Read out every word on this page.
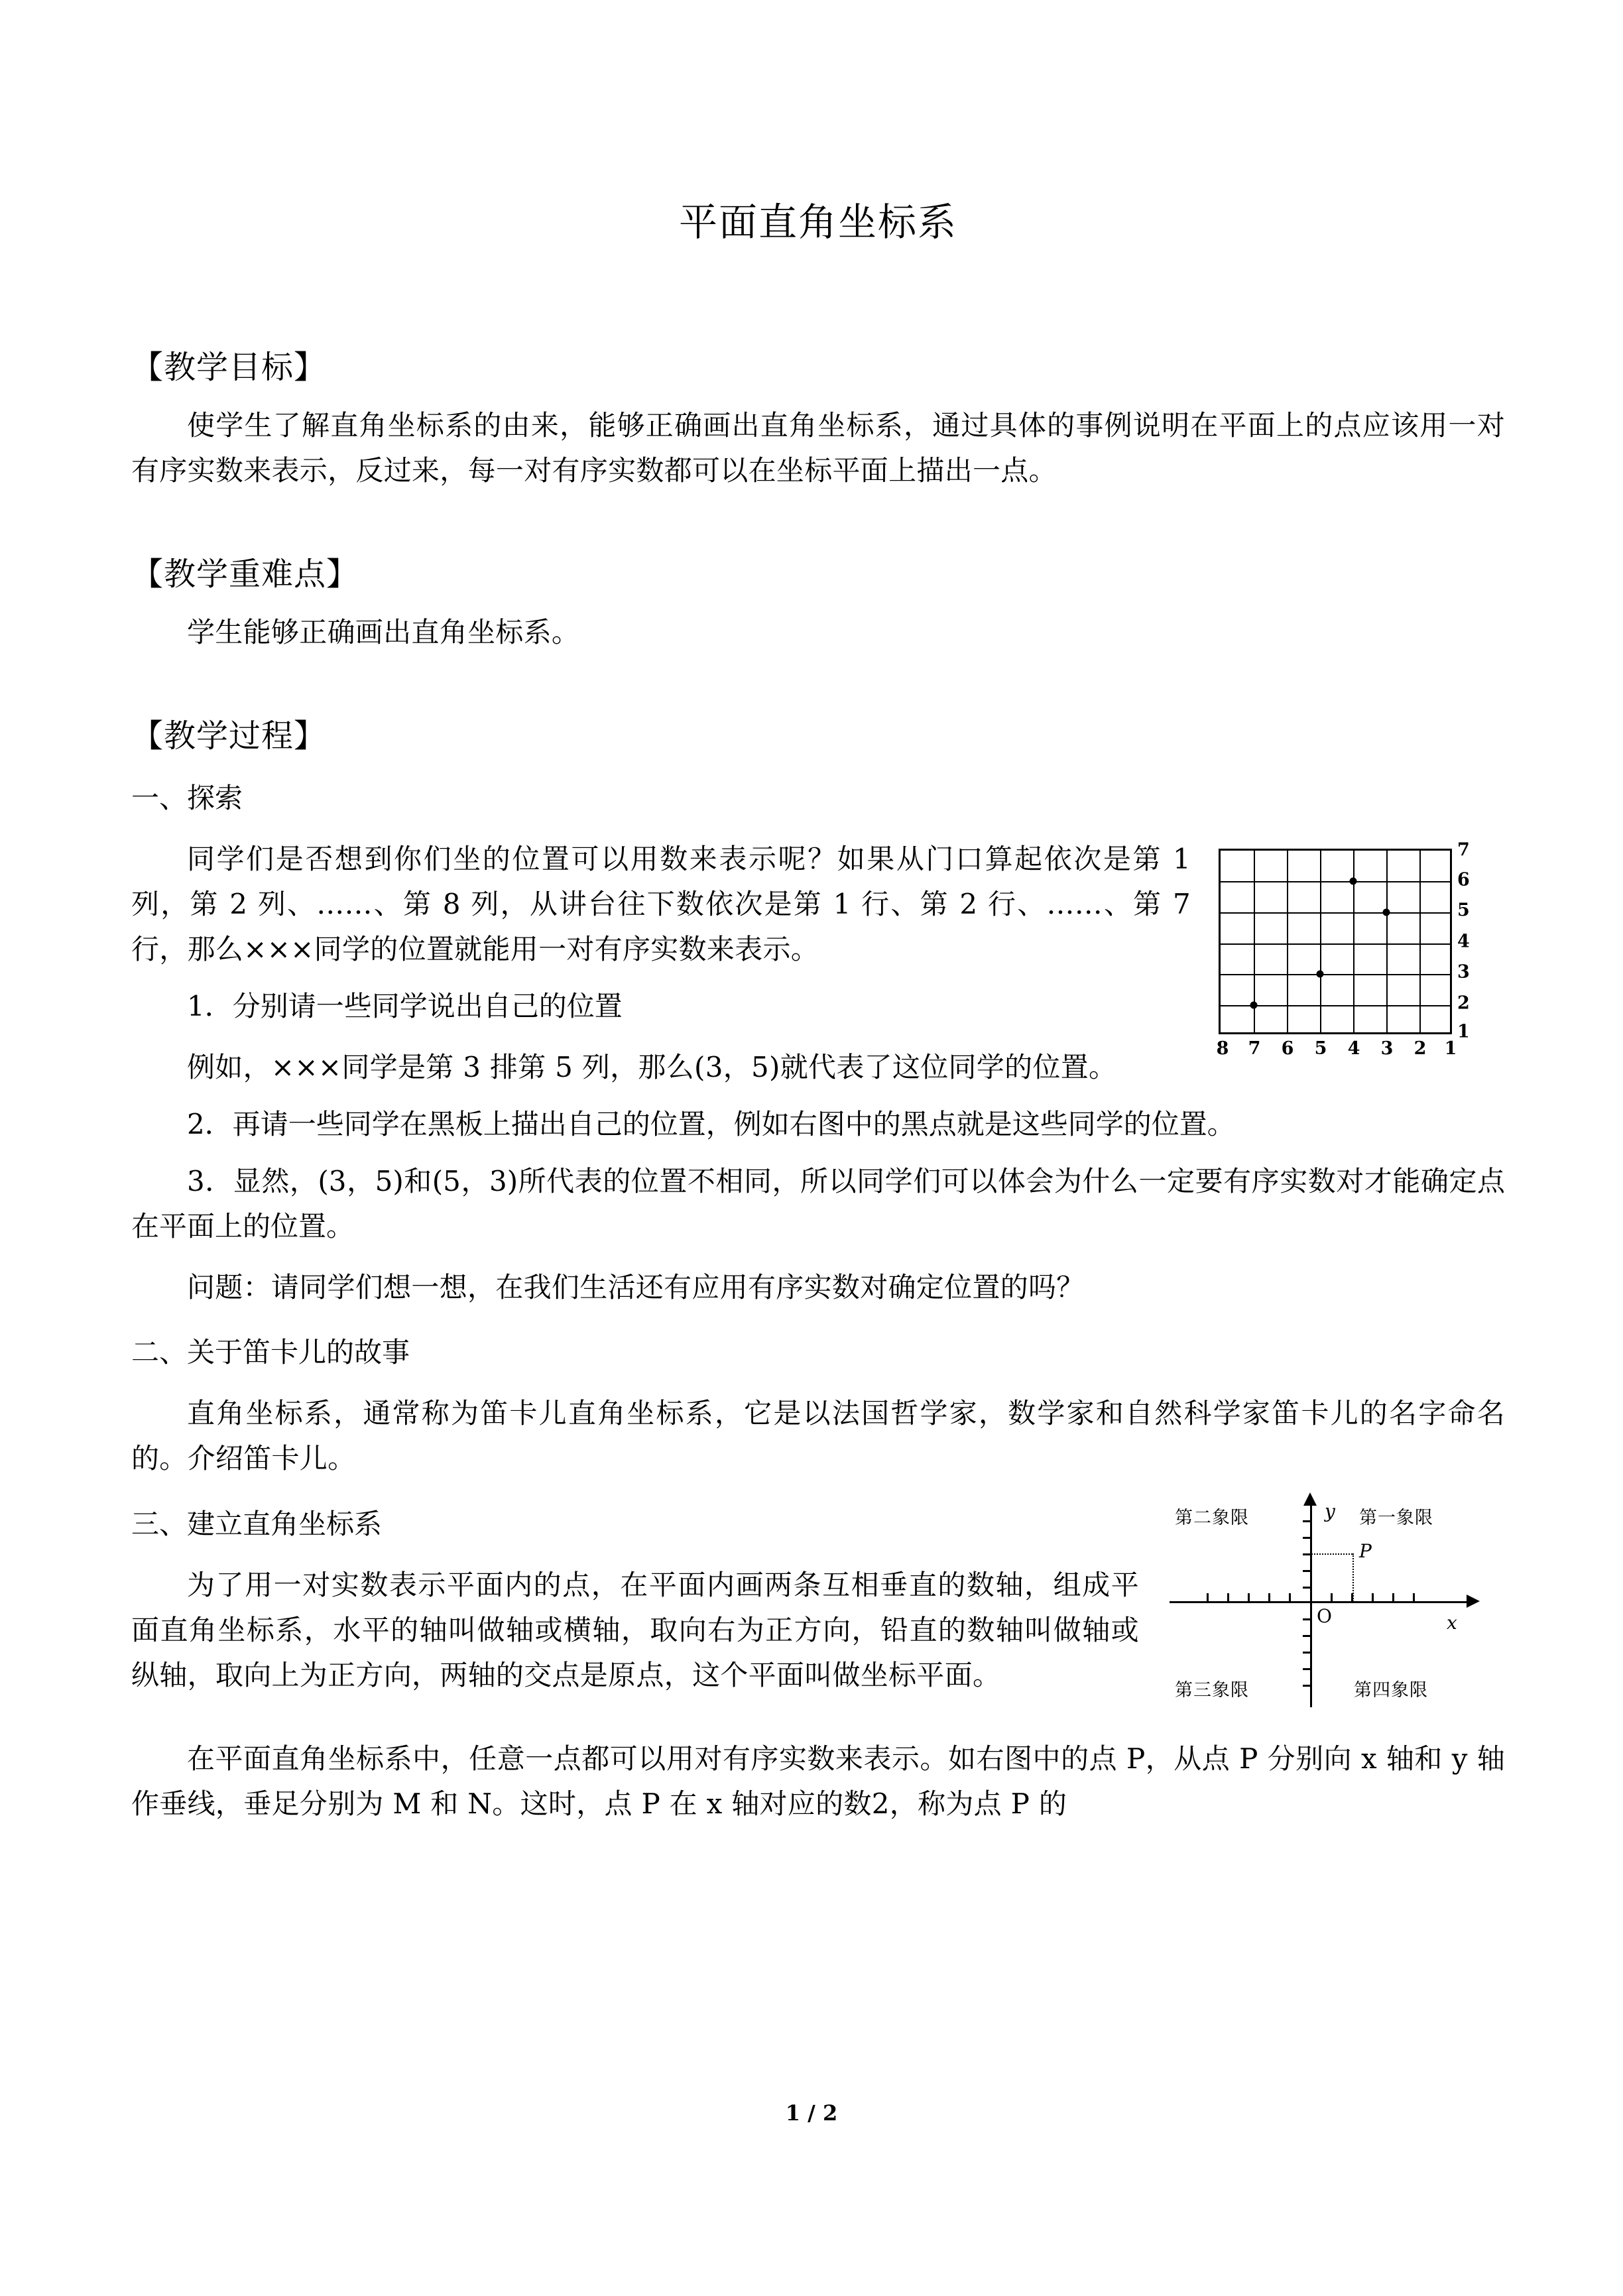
平面直角坐标系
【教学目标】

使学生了解直角坐标系的由来，能够正确画出直角坐标系，通过具体的事例说明在平面上的点应该用一对有序实数来表示，反过来，每一对有序实数都可以在坐标平面上描出一点。

【教学重难点】

学生能够正确画出直角坐标系。

【教学过程】
一、探索
7
6
5
4
3
2
1
8 7 6 5 4 3 2 1

同学们是否想到你们坐的位置可以用数来表示呢？如果从门口算起依次是第 1 列，第 2 列、……、第 8 列，从讲台往下数依次是第 1 行、第 2 行、……、第 7 行，那么×××同学的位置就能用一对有序实数来表示。

1．分别请一些同学说出自己的位置

例如，×××同学是第 3 排第 5 列，那么(3，5)就代表了这位同学的位置。

2．再请一些同学在黑板上描出自己的位置，例如右图中的黑点就是这些同学的位置。

3．显然，(3，5)和(5，3)所代表的位置不相同，所以同学们可以体会为什么一定要有序实数对才能确定点在平面上的位置。

问题：请同学们想一想，在我们生活还有应用有序实数对确定位置的吗？

二、关于笛卡儿的故事

直角坐标系，通常称为笛卡儿直角坐标系，它是以法国哲学家，数学家和自然科学家笛卡儿的名字命名的。介绍笛卡儿。

第二象限	第一象限
第三象限	第四象限
P
O
y
x
三、建立直角坐标系

为了用一对实数表示平面内的点，在平面内画两条互相垂直的数轴，组成平面直角坐标系，水平的轴叫做轴或横轴，取向右为正方向，铅直的数轴叫做轴或纵轴，取向上为正方向，两轴的交点是原点，这个平面叫做坐标平面。

在平面直角坐标系中，任意一点都可以用对有序实数来表示。如右图中的点 P，从点 P 分别向 x 轴和 y 轴作垂线，垂足分别为 M 和 N。这时，点 P 在 x 轴对应的数2，称为点 P 的

1 / 2
